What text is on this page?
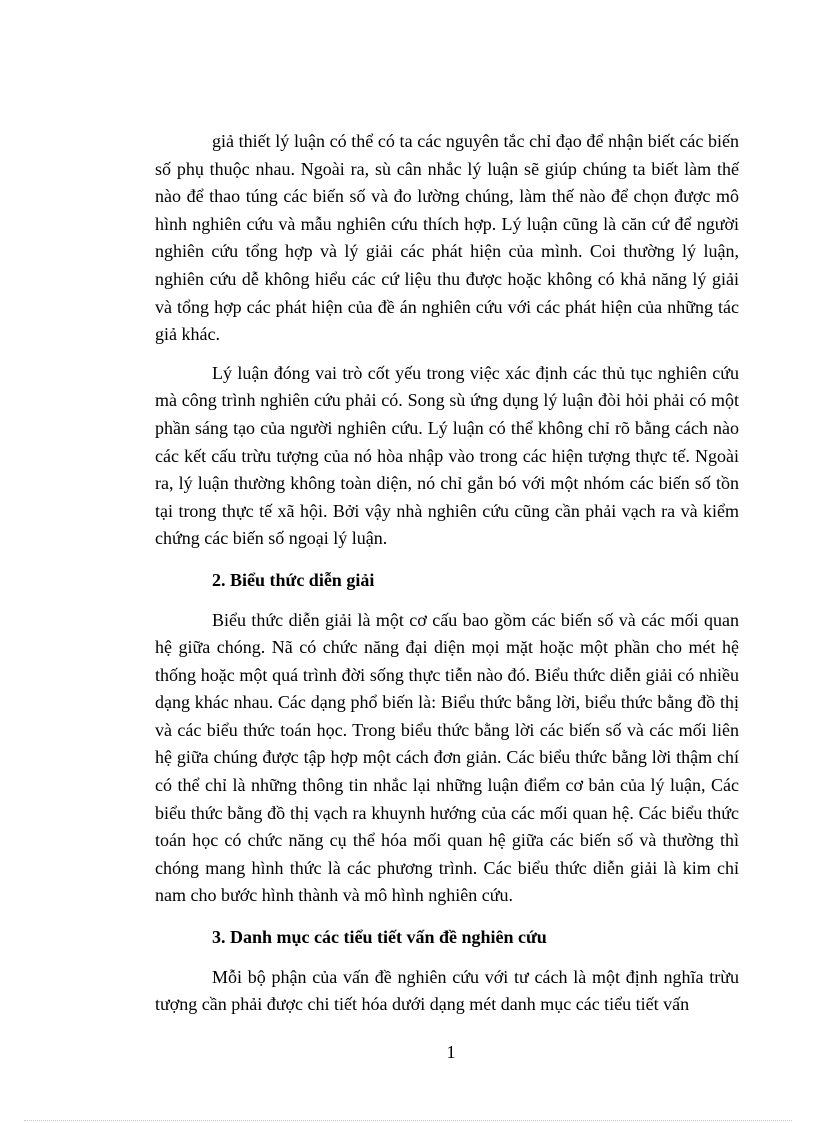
giả thiết lý luận có thể có ta các nguyên tắc chỉ đạo để nhận biết các biến số phụ thuộc nhau. Ngoài ra, sù cân nhắc lý luận sẽ giúp chúng ta biết làm thế nào để thao túng các biến số và đo lường chúng, làm thế nào để chọn được mô hình nghiên cứu và mẫu nghiên cứu thích hợp. Lý luận cũng là căn cứ để người nghiên cứu tổng hợp và lý giải các phát hiện của mình. Coi thường lý luận, nghiên cứu dễ không hiểu các cứ liệu thu được hoặc không có khả năng lý giải và tổng hợp các phát hiện của đề án nghiên cứu với các phát hiện của những tác giả khác.

Lý luận đóng vai trò cốt yếu trong việc xác định các thủ tục nghiên cứu mà công trình nghiên cứu phải có. Song sù ứng dụng lý luận đòi hỏi phải có một phần sáng tạo của người nghiên cứu. Lý luận có thể không chỉ rõ bằng cách nào các kết cấu trừu tượng của nó hòa nhập vào trong các hiện tượng thực tế. Ngoài ra, lý luận thường không toàn diện, nó chỉ gắn bó với một nhóm các biến số tồn tại trong thực tế xã hội. Bởi vậy nhà nghiên cứu cũng cần phải vạch ra và kiểm chứng các biến số ngoại lý luận.

2. Biểu thức diễn giải

Biểu thức diễn giải là một cơ cấu bao gồm các biến số và các mối quan hệ giữa chóng. Nã có chức năng đại diện mọi mặt hoặc một phần cho mét hệ thống hoặc một quá trình đời sống thực tiễn nào đó. Biểu thức diễn giải có nhiều dạng khác nhau. Các dạng phổ biến là: Biểu thức bằng lời, biểu thức bằng đồ thị và các biểu thức toán học. Trong biểu thức bằng lời các biến số và các mối liên hệ giữa chúng được tập hợp một cách đơn giản. Các biểu thức bằng lời thậm chí có thể chỉ là những thông tin nhắc lại những luận điểm cơ bản của lý luận, Các biểu thức bằng đồ thị vạch ra khuynh hướng của các mối quan hệ. Các biểu thức toán học có chức năng cụ thể hóa mối quan hệ giữa các biến số và thường thì chóng mang hình thức là các phương trình. Các biểu thức diễn giải là kim chỉ nam cho bước hình thành và mô hình nghiên cứu.

3. Danh mục các tiểu tiết vấn đề nghiên cứu

Mỗi bộ phận của vấn đề nghiên cứu với tư cách là một định nghĩa trừu tượng cần phải được chi tiết hóa dưới dạng mét danh mục các tiểu tiết vấn

1
